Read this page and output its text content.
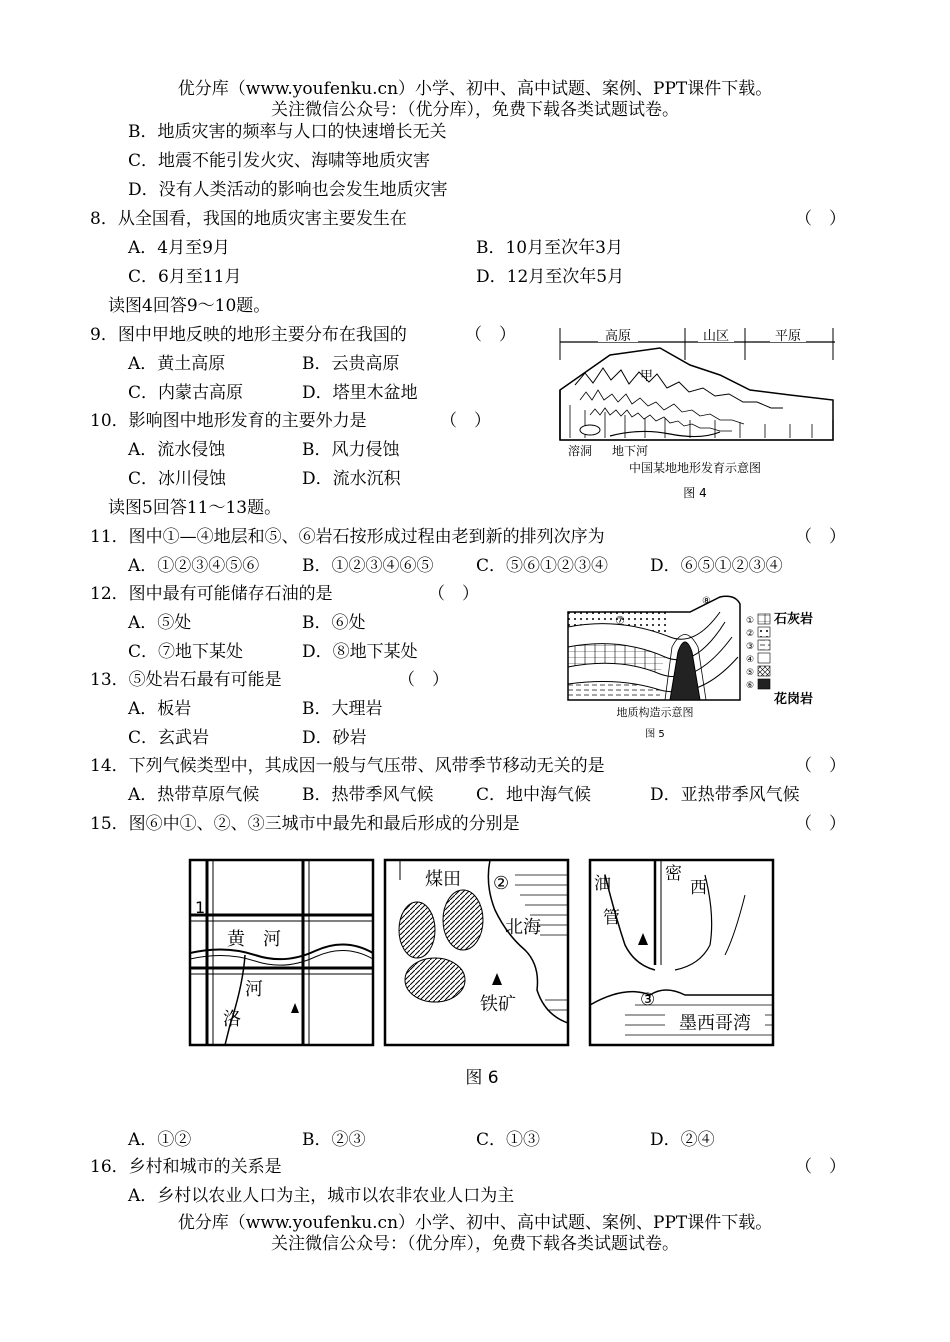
优分库（www.youfenku.cn）小学、初中、高中试题、案例、PPT课件下载。
关注微信公众号：（优分库），免费下载各类试题试卷。
B．地质灾害的频率与人口的快速增长无关
C．地震不能引发火灾、海啸等地质灾害
D．没有人类活动的影响也会发生地质灾害
8．从全国看，我国的地质灾害主要发生在	（　）
A．4月至9月	B．10月至次年3月
C．6月至11月	D．12月至次年5月
读图4回答9～10题。
9．图中甲地反映的地形主要分布在我国的	（　）
A．黄土高原	B．云贵高原
C．内蒙古高原	D．塔里木盆地
10．影响图中地形发育的主要外力是	（　）
A．流水侵蚀	B．风力侵蚀
C．冰川侵蚀	D．流水沉积
高原	山区	平原
甲
溶洞 地下河
中国某地地形发育示意图
图 4
读图5回答11～13题。
11．图中①—④地层和⑤、⑥岩石按形成过程由老到新的排列次序为	（　）
A．①②③④⑤⑥	B．①②③④⑥⑤	C．⑤⑥①②③④ D．⑥⑤①②③④
12．图中最有可能储存石油的是	（　）
A．⑤处	B．⑥处
C．⑦地下某处	D．⑧地下某处
13．⑤处岩石最有可能是	（　）
A．板岩	B．大理岩
C．玄武岩	D．砂岩
⑦
⑧
①
②
③
④
⑤
⑥
石灰岩
花岗岩
地质构造示意图
图 5
14．下列气候类型中，其成因一般与气压带、风带季节移动无关的是	（　）
A．热带草原气候	B．热带季风气候	C．地中海气候	D．亚热带季风气候
15．图⑥中①、②、③三城市中最先和最后形成的分别是	（　）
1
黄　河
河
洛
煤田 ②
北海
铁矿
油
管
密
西
③
墨西哥湾
图 6
A．①②	B．②③	C．①③	D．②④
16．乡村和城市的关系是	（　）
A．乡村以农业人口为主，城市以农非农业人口为主
优分库（www.youfenku.cn）小学、初中、高中试题、案例、PPT课件下载。
关注微信公众号：（优分库），免费下载各类试题试卷。
